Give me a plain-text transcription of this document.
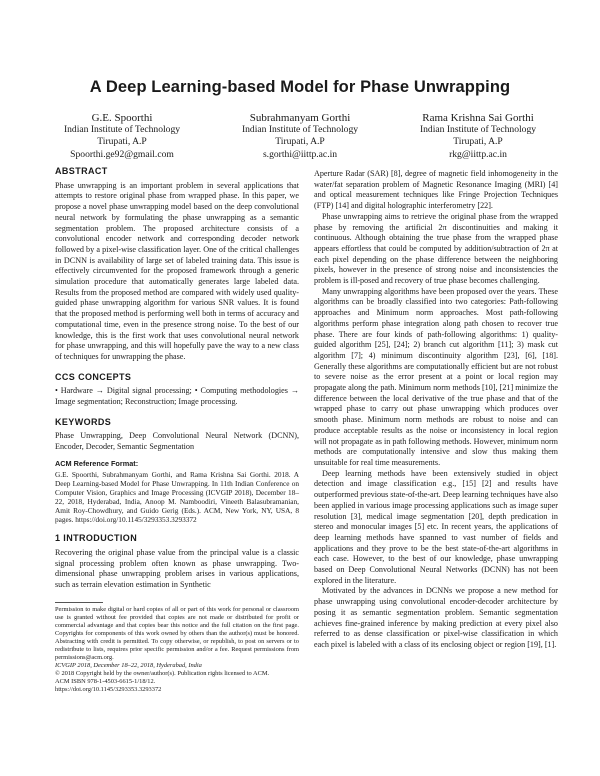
A Deep Learning-based Model for Phase Unwrapping
G.E. Spoorthi
Indian Institute of Technology
Tirupati, A.P
Spoorthi.ge92@gmail.com
Subrahmanyam Gorthi
Indian Institute of Technology
Tirupati, A.P
s.gorthi@iittp.ac.in
Rama Krishna Sai Gorthi
Indian Institute of Technology
Tirupati, A.P
rkg@iittp.ac.in
ABSTRACT

Phase unwrapping is an important problem in several applications that attempts to restore original phase from wrapped phase. In this paper, we propose a novel phase unwrapping model based on the deep convolutional neural network by formulating the phase unwrapping as a semantic segmentation problem. The proposed architecture consists of a convolutional encoder network and corresponding decoder network followed by a pixel-wise classification layer. One of the critical challenges in DCNN is availability of large set of labeled training data. This issue is effectively circumvented for the proposed framework through a generic simulation procedure that automatically generates large labeled data. Results from the proposed method are compared with widely used quality-guided phase unwrapping algorithm for various SNR values. It is found that the proposed method is performing well both in terms of accuracy and computational time, even in the presence strong noise. To the best of our knowledge, this is the first work that uses convolutional neural network for phase unwrapping, and this will hopefully pave the way to a new class of techniques for unwrapping the phase.

CCS CONCEPTS

• Hardware → Digital signal processing; • Computing methodologies → Image segmentation; Reconstruction; Image processing.

KEYWORDS

Phase Unwrapping, Deep Convolutional Neural Network (DCNN), Encoder, Decoder, Semantic Segmentation

ACM Reference Format:

G.E. Spoorthi, Subrahmanyam Gorthi, and Rama Krishna Sai Gorthi. 2018. A Deep Learning-based Model for Phase Unwrapping. In 11th Indian Conference on Computer Vision, Graphics and Image Processing (ICVGIP 2018), December 18–22, 2018, Hyderabad, India, Anoop M. Namboodiri, Vineeth Balasubramanian, Amit Roy-Chowdhury, and Guido Gerig (Eds.). ACM, New York, NY, USA, 8 pages. https://doi.org/10.1145/3293353.3293372

1 INTRODUCTION

Recovering the original phase value from the principal value is a classic signal processing problem often known as phase unwrapping. Two-dimensional phase unwrapping problem arises in various applications, such as terrain elevation estimation in Synthetic

Permission to make digital or hard copies of all or part of this work for personal or classroom use is granted without fee provided that copies are not made or distributed for profit or commercial advantage and that copies bear this notice and the full citation on the first page. Copyrights for components of this work owned by others than the author(s) must be honored. Abstracting with credit is permitted. To copy otherwise, or republish, to post on servers or to redistribute to lists, requires prior specific permission and/or a fee. Request permissions from permissions@acm.org.

ICVGIP 2018, December 18–22, 2018, Hyderabad, India
© 2018 Copyright held by the owner/author(s). Publication rights licensed to ACM.
ACM ISBN 978-1-4503-6615-1/18/12.
https://doi.org/10.1145/3293353.3293372

Aperture Radar (SAR) [8], degree of magnetic field inhomogeneity in the water/fat separation problem of Magnetic Resonance Imaging (MRI) [4] and optical measurement techniques like Fringe Projection Techniques (FTP) [14] and digital holographic interferometry [22].

Phase unwrapping aims to retrieve the original phase from the wrapped phase by removing the artificial 2π discontinuities and making it continuous. Although obtaining the true phase from the wrapped phase appears effortless that could be computed by addition/subtraction of 2π at each pixel depending on the phase difference between the neighboring pixels, however in the presence of strong noise and inconsistencies the problem is ill-posed and recovery of true phase becomes challenging.

Many unwrapping algorithms have been proposed over the years. These algorithms can be broadly classified into two categories: Path-following approaches and Minimum norm approaches. Most path-following algorithms perform phase integration along path chosen to recover true phase. There are four kinds of path-following algorithms: 1) quality-guided algorithm [25], [24]; 2) branch cut algorithm [11]; 3) mask cut algorithm [7]; 4) minimum discontinuity algorithm [23], [6], [18]. Generally these algorithms are computationally efficient but are not robust to severe noise as the error present at a point or local region may propagate along the path. Minimum norm methods [10], [21] minimize the difference between the local derivative of the true phase and that of the wrapped phase to carry out phase unwrapping which produces over smooth phase. Minimum norm methods are robust to noise and can produce acceptable results as the noise or inconsistency in local region will not propagate as in path following methods. However, minimum norm methods are computationally intensive and slow thus making them unsuitable for real time measurements.

Deep learning methods have been extensively studied in object detection and image classification e.g., [15] [2] and results have outperformed previous state-of-the-art. Deep learning techniques have also been applied in various image processing applications such as image super resolution [3], medical image segmentation [20], depth predication in stereo and monocular images [5] etc. In recent years, the applications of deep learning methods have spanned to vast number of fields and applications and they prove to be the best state-of-the-art algorithms in each case. However, to the best of our knowledge, phase unwrapping based on Deep Convolutional Neural Networks (DCNN) has not been explored in the literature.

Motivated by the advances in DCNNs we propose a new method for phase unwrapping using convolutional encoder-decoder architecture by posing it as semantic segmentation problem. Semantic segmentation achieves fine-grained inference by making prediction at every pixel also referred to as dense classification or pixel-wise classification in which each pixel is labeled with a class of its enclosing object or region [19], [1].
